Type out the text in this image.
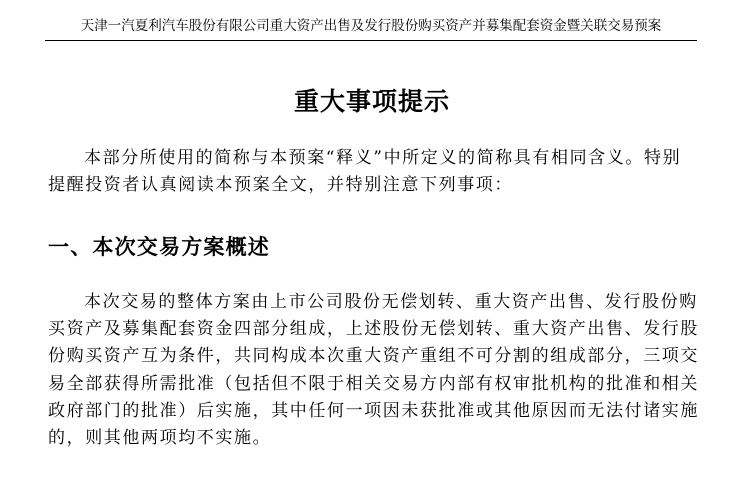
天津一汽夏利汽车股份有限公司重大资产出售及发行股份购买资产并募集配套资金暨关联交易预案
重大事项提示
本部分所使用的简称与本预案“释义”中所定义的简称具有相同含义。特别
提醒投资者认真阅读本预案全文，并特别注意下列事项：
一、本次交易方案概述
本次交易的整体方案由上市公司股份无偿划转、重大资产出售、发行股份购
买资产及募集配套资金四部分组成，上述股份无偿划转、重大资产出售、发行股
份购买资产互为条件，共同构成本次重大资产重组不可分割的组成部分，三项交
易全部获得所需批准（包括但不限于相关交易方内部有权审批机构的批准和相关
政府部门的批准）后实施，其中任何一项因未获批准或其他原因而无法付诸实施
的，则其他两项均不实施。
